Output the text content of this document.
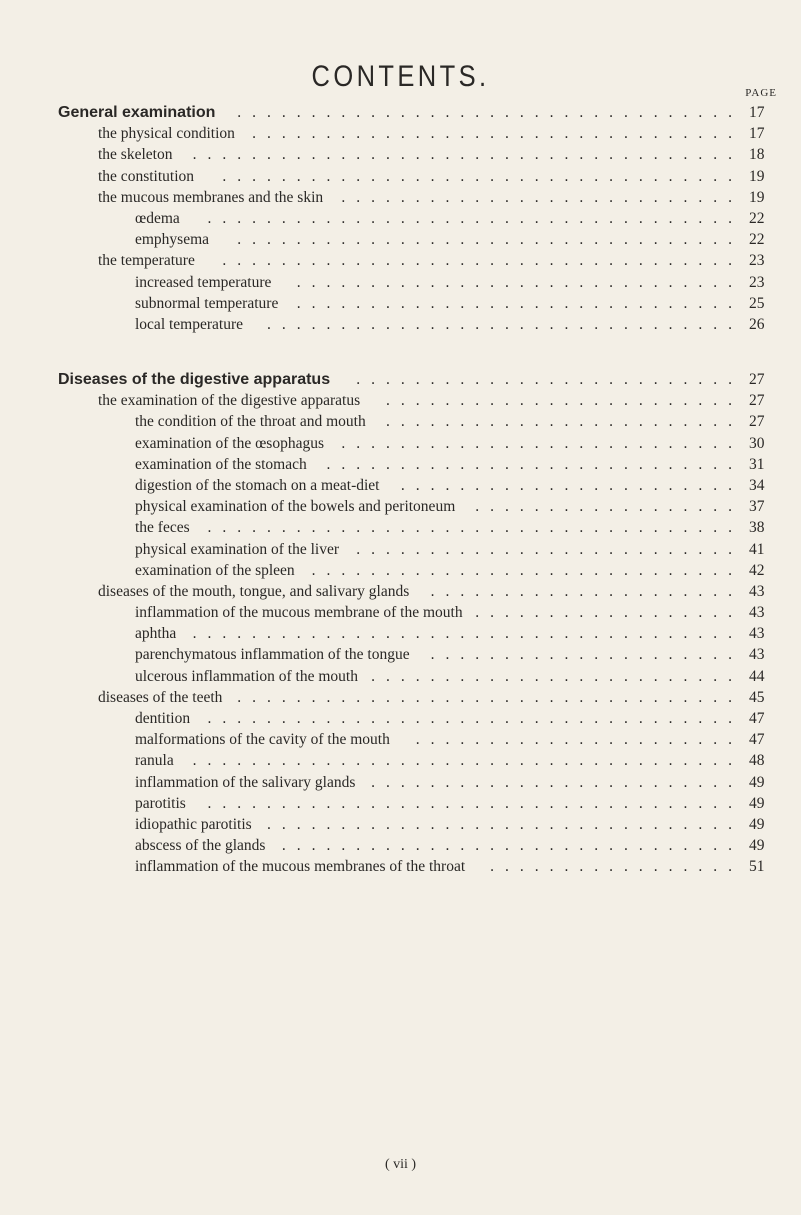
CONTENTS.	PAGE
General examination .................................. 17
the physical condition ................................. 17
the skeleton ..................................... 18
the constitution ................................... 19
the mucous membranes and the skin ........................... 19
œdema .................................... 22
emphysema .................................. 22
the temperature ................................... 23
increased temperature .............................. 23
subnormal temperature .............................. 25
local temperature ................................ 26
Diseases of the digestive apparatus .......................... 27
the examination of the digestive apparatus ........................ 27
the condition of the throat and mouth ........................ 27
examination of the œsophagus ........................... 30
examination of the stomach ............................ 31
digestion of the stomach on a meat-diet ....................... 34
physical examination of the bowels and peritoneum .................. 37
the feces .................................... 38
physical examination of the liver .......................... 41
examination of the spleen ............................. 42
diseases of the mouth, tongue, and salivary glands ..................... 43
inflammation of the mucous membrane of the mouth .................. 43
aphtha ..................................... 43
parenchymatous inflammation of the tongue ..................... 43
ulcerous inflammation of the mouth ......................... 44
diseases of the teeth .................................. 45
dentition .................................... 47
malformations of the cavity of the mouth ...................... 47
ranula ..................................... 48
inflammation of the salivary glands ......................... 49
parotitis .................................... 49
idiopathic parotitis ................................ 49
abscess of the glands ............................... 49
inflammation of the mucous membranes of the throat ................. 51
( vii )
